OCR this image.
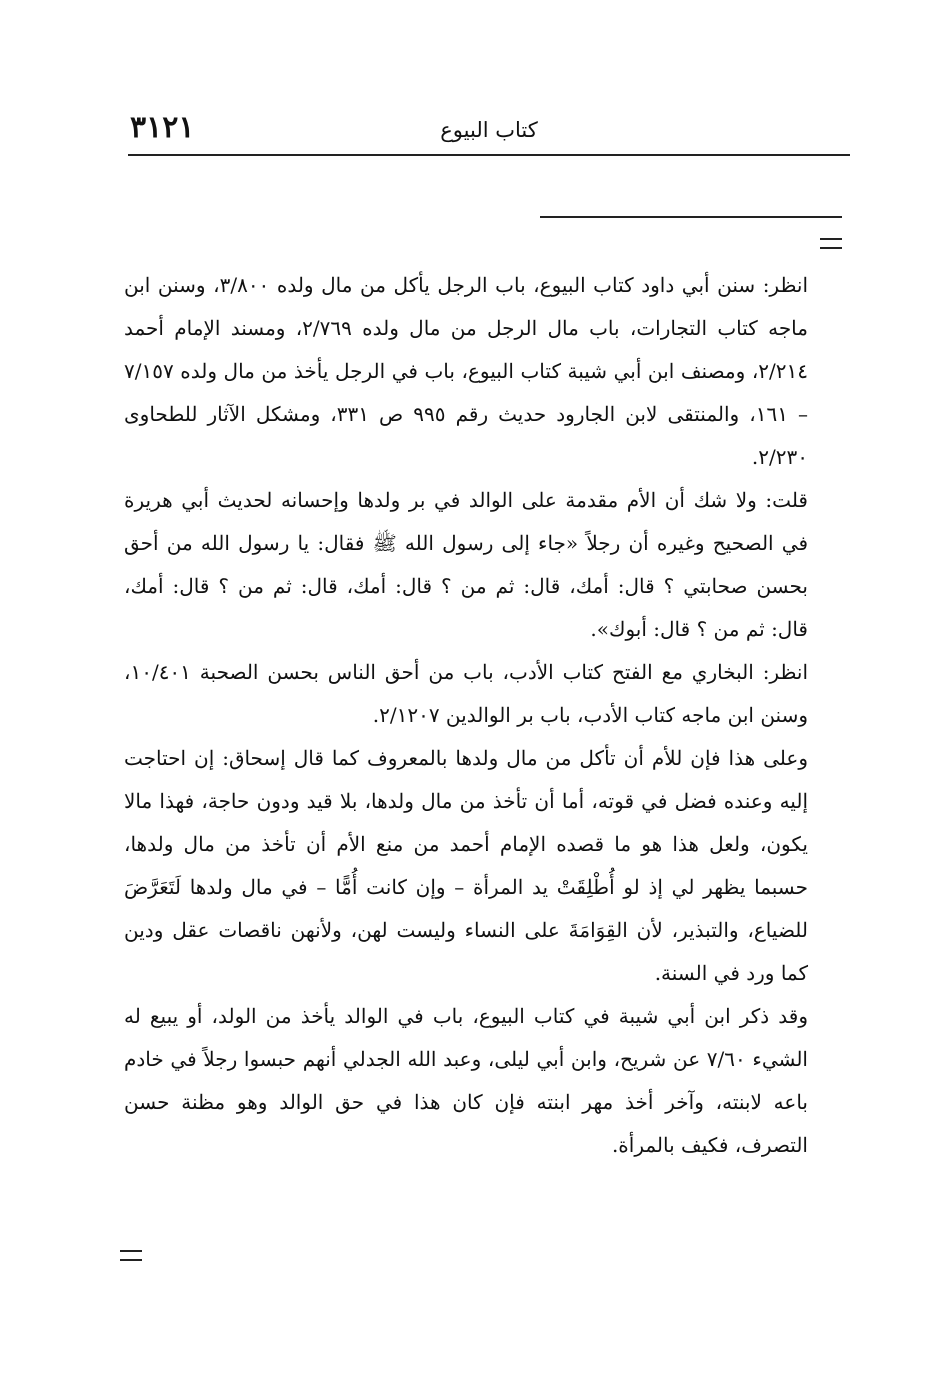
٣١٢١	كتاب البيوع

انظر: سنن أبي داود كتاب البيوع، باب الرجل يأكل من مال ولده ٣/٨٠٠، وسنن ابن ماجه كتاب التجارات، باب مال الرجل من مال ولده ٢/٧٦٩، ومسند الإمام أحمد ٢/٢١٤، ومصنف ابن أبي شيبة كتاب البيوع، باب في الرجل يأخذ من مال ولده ٧/١٥٧ – ١٦١، والمنتقى لابن الجارود حديث رقم ٩٩٥ ص ٣٣١، ومشكل الآثار للطحاوى ٢/٢٣٠.

قلت: ولا شك أن الأم مقدمة على الوالد في بر ولدها وإحسانه لحديث أبي هريرة في الصحيح وغيره أن رجلاً «جاء إلى رسول الله ﷺ فقال: يا رسول الله من أحق بحسن صحابتي ؟ قال: أمك، قال: ثم من ؟ قال: أمك، قال: ثم من ؟ قال: أمك، قال: ثم من ؟ قال: أبوك».

انظر: البخاري مع الفتح كتاب الأدب، باب من أحق الناس بحسن الصحبة ١٠/٤٠١، وسنن ابن ماجه كتاب الأدب، باب بر الوالدين ٢/١٢٠٧.

وعلى هذا فإن للأم أن تأكل من مال ولدها بالمعروف كما قال إسحاق: إن احتاجت إليه وعنده فضل في قوته، أما أن تأخذ من مال ولدها، بلا قيد ودون حاجة، فهذا مالا يكون، ولعل هذا هو ما قصده الإمام أحمد من منع الأم أن تأخذ من مال ولدها، حسبما يظهر لي إذ لو أُطْلِقَتْ يد المرأة – وإن كانت أُمًّا – في مال ولدها لَتَعَرَّضَ للضياع، والتبذير، لأن القِوَامَةَ على النساء وليست لهن، ولأنهن ناقصات عقل ودين كما ورد في السنة.

وقد ذكر ابن أبي شيبة في كتاب البيوع، باب في الوالد يأخذ من الولد، أو يبيع له الشيء ٧/٦٠ عن شريح، وابن أبي ليلى، وعبد الله الجدلي أنهم حبسوا رجلاً في خادم باعه لابنته، وآخر أخذ مهر ابنته فإن كان هذا في حق الوالد وهو مظنة حسن التصرف، فكيف بالمرأة.
